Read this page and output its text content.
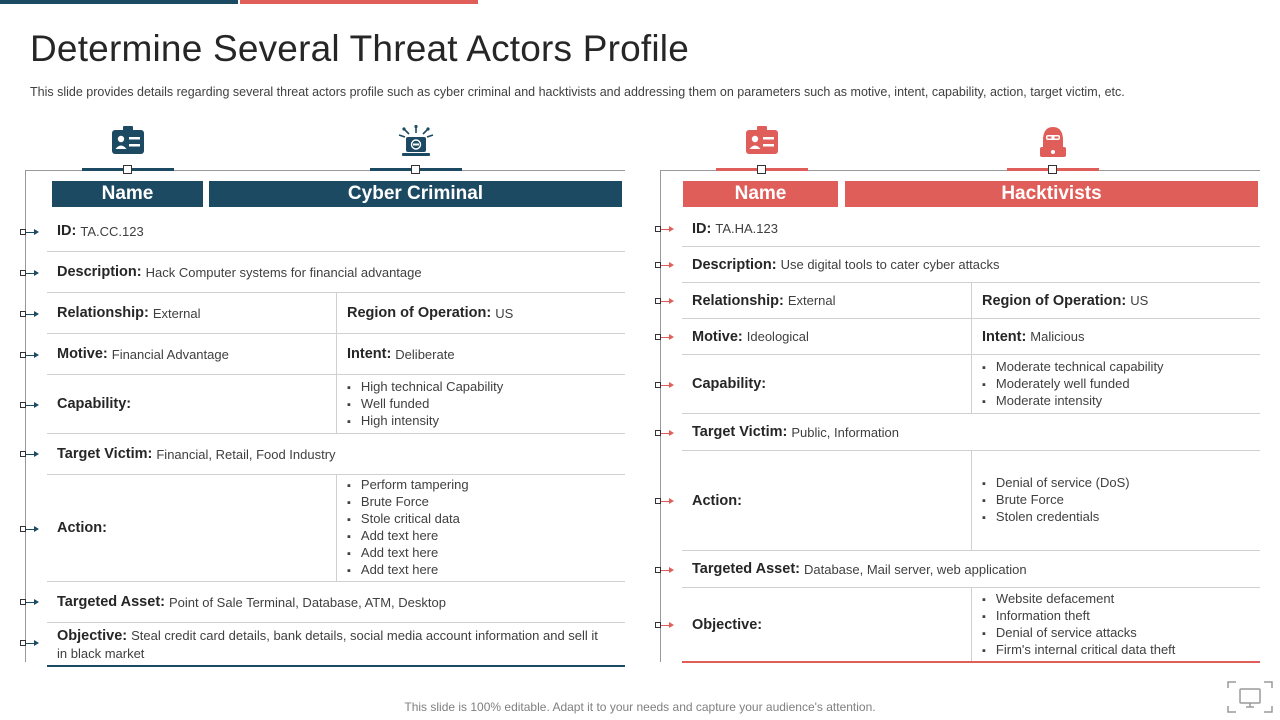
Determine Several Threat Actors Profile

This slide provides details regarding several threat actors profile such as cyber criminal and hacktivists and addressing them on parameters such as motive, intent, capability, action, target victim, etc.

Name	Cyber Criminal
ID: TA.CC.123
Description: Hack Computer systems for financial advantage
Relationship: External	Region of Operation: US
Motive: Financial Advantage	Intent: Deliberate
Capability:
▪ High technical Capability
▪ Well funded
▪ High intensity
Target Victim: Financial, Retail, Food Industry
Action:
▪ Perform tampering
▪ Brute Force
▪ Stole critical data
▪ Add text here
▪ Add text here
▪ Add text here
Targeted Asset: Point of Sale Terminal, Database, ATM, Desktop
Objective: Steal credit card details, bank details, social media account information and sell it in black market
Name	Hacktivists
ID: TA.HA.123
Description: Use digital tools to cater cyber attacks
Relationship: External	Region of Operation: US
Motive: Ideological	Intent: Malicious
Capability:
▪ Moderate technical capability
▪ Moderately well funded
▪ Moderate intensity
Target Victim: Public, Information
Action:
▪ Denial of service (DoS)
▪ Brute Force
▪ Stolen credentials
Targeted Asset: Database, Mail server, web application
Objective:
▪ Website defacement
▪ Information theft
▪ Denial of service attacks
▪ Firm's internal critical data theft
This slide is 100% editable. Adapt it to your needs and capture your audience's attention.
